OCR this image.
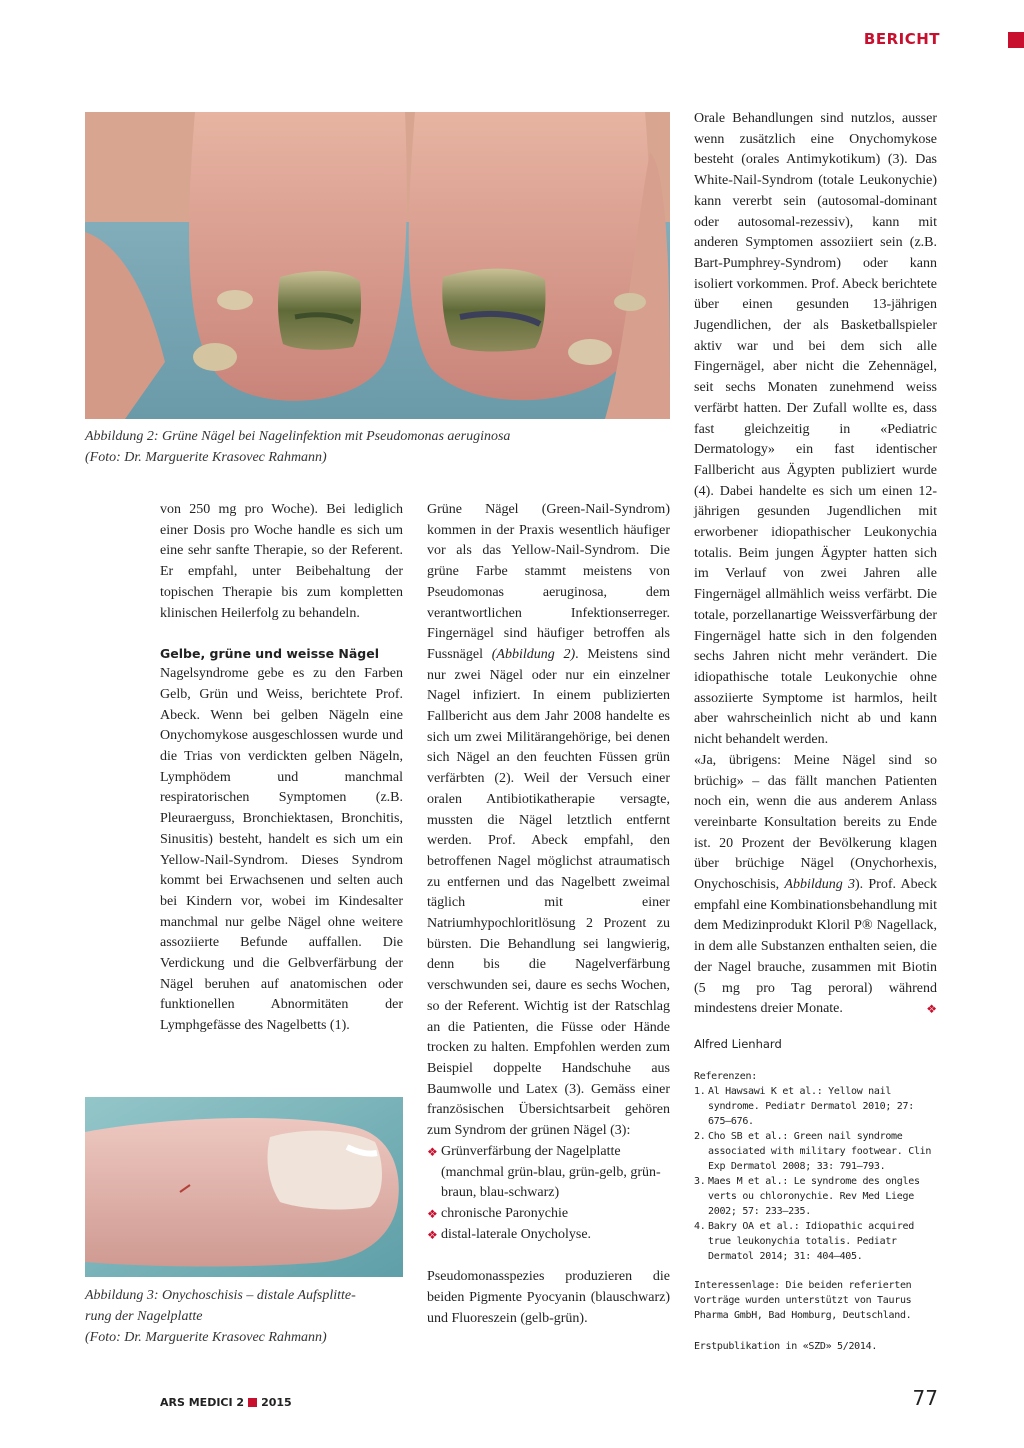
BERICHT
Abbildung 2: Grüne Nägel bei Nagelinfektion mit Pseudomonas aeruginosa
(Foto: Dr. Marguerite Krasovec Rahmann)

von 250 mg pro Woche). Bei lediglich einer Dosis pro Woche handle es sich um eine sehr sanfte Therapie, so der Referent. Er empfahl, unter Beibehaltung der topischen Therapie bis zum kompletten klinischen Heilerfolg zu behandeln.

Gelbe, grüne und weisse Nägel

Nagelsyndrome gebe es zu den Farben Gelb, Grün und Weiss, berichtete Prof. Abeck. Wenn bei gelben Nägeln eine Onychomykose ausgeschlossen wurde und die Trias von verdickten gelben Nägeln, Lymphödem und manchmal respiratorischen Symptomen (z.B. Pleuraerguss, Bronchiektasen, Bronchitis, Sinusitis) besteht, handelt es sich um ein Yellow-Nail-Syndrom. Dieses Syndrom kommt bei Erwachsenen und selten auch bei Kindern vor, wobei im Kindesalter manchmal nur gelbe Nägel ohne weitere assoziierte Befunde auffallen. Die Verdickung und die Gelbverfärbung der Nägel beruhen auf anatomischen oder funktionellen Abnormitäten der Lymphgefässe des Nagelbetts (1).

Abbildung 3: Onychoschisis – distale Aufsplitte-
rung der Nagelplatte
(Foto: Dr. Marguerite Krasovec Rahmann)

Grüne Nägel (Green-Nail-Syndrom) kommen in der Praxis wesentlich häufiger vor als das Yellow-Nail-Syndrom. Die grüne Farbe stammt meistens von Pseudomonas aeruginosa, dem verantwortlichen Infektionserreger. Fingernägel sind häufiger betroffen als Fussnägel (Abbildung 2). Meistens sind nur zwei Nägel oder nur ein einzelner Nagel infiziert. In einem publizierten Fallbericht aus dem Jahr 2008 handelte es sich um zwei Militärangehörige, bei denen sich Nägel an den feuchten Füssen grün verfärbten (2). Weil der Versuch einer oralen Antibiotikatherapie versagte, mussten die Nägel letztlich entfernt werden. Prof. Abeck empfahl, den betroffenen Nagel möglichst atraumatisch zu entfernen und das Nagelbett zweimal täglich mit einer Natriumhypochloritlösung 2 Prozent zu bürsten. Die Behandlung sei langwierig, denn bis die Nagelverfärbung verschwunden sei, daure es sechs Wochen, so der Referent. Wichtig ist der Ratschlag an die Patienten, die Füsse oder Hände trocken zu halten. Empfohlen werden zum Beispiel doppelte Handschuhe aus Baumwolle und Latex (3). Gemäss einer französischen Übersichtsarbeit gehören zum Syndrom der grünen Nägel (3):

❖ Grünverfärbung der Nagelplatte (manchmal grün-blau, grün-gelb, grün-braun, blau-schwarz)
❖ chronische Paronychie
❖ distal-laterale Onycholyse.

Pseudomonasspezies produzieren die beiden Pigmente Pyocyanin (blauschwarz) und Fluoreszein (gelb-grün).

Orale Behandlungen sind nutzlos, ausser wenn zusätzlich eine Onychomykose besteht (orales Antimykotikum) (3). Das White-Nail-Syndrom (totale Leukonychie) kann vererbt sein (autosomal-dominant oder autosomal-rezessiv), kann mit anderen Symptomen assoziiert sein (z.B. Bart-Pumphrey-Syndrom) oder kann isoliert vorkommen. Prof. Abeck berichtete über einen gesunden 13-jährigen Jugendlichen, der als Basketballspieler aktiv war und bei dem sich alle Fingernägel, aber nicht die Zehennägel, seit sechs Monaten zunehmend weiss verfärbt hatten. Der Zufall wollte es, dass fast gleichzeitig in «Pediatric Dermatology» ein fast identischer Fallbericht aus Ägypten publiziert wurde (4). Dabei handelte es sich um einen 12-jährigen gesunden Jugendlichen mit erworbener idiopathischer Leukonychia totalis. Beim jungen Ägypter hatten sich im Verlauf von zwei Jahren alle Fingernägel allmählich weiss verfärbt. Die totale, porzellanartige Weissverfärbung der Fingernägel hatte sich in den folgenden sechs Jahren nicht mehr verändert. Die idiopathische totale Leukonychie ohne assoziierte Symptome ist harmlos, heilt aber wahrscheinlich nicht ab und kann nicht behandelt werden.

«Ja, übrigens: Meine Nägel sind so brüchig» – das fällt manchen Patienten noch ein, wenn die aus anderem Anlass vereinbarte Konsultation bereits zu Ende ist. 20 Prozent der Bevölkerung klagen über brüchige Nägel (Onychorhexis, Onychoschisis, Abbildung 3). Prof. Abeck empfahl eine Kombinationsbehandlung mit dem Medizinprodukt Kloril P® Nagellack, in dem alle Substanzen enthalten seien, die der Nagel brauche, zusammen mit Biotin (5 mg pro Tag peroral) während mindestens dreier Monate.	❖

Alfred Lienhard
Referenzen:
1. Al Hawsawi K et al.: Yellow nail syndrome. Pediatr Dermatol 2010; 27: 675–676.
2. Cho SB et al.: Green nail syndrome associated with military footwear. Clin Exp Dermatol 2008; 33: 791–793.
3. Maes M et al.: Le syndrome des ongles verts ou chloronychie. Rev Med Liege 2002; 57: 233–235.
4. Bakry OA et al.: Idiopathic acquired true leukonychia totalis. Pediatr Dermatol 2014; 31: 404–405.
Interessenlage: Die beiden referierten Vorträge wurden unterstützt von Taurus Pharma GmbH, Bad Homburg, Deutschland.
Erstpublikation in «SZD» 5/2014.
ARS MEDICI 2 2015	77
